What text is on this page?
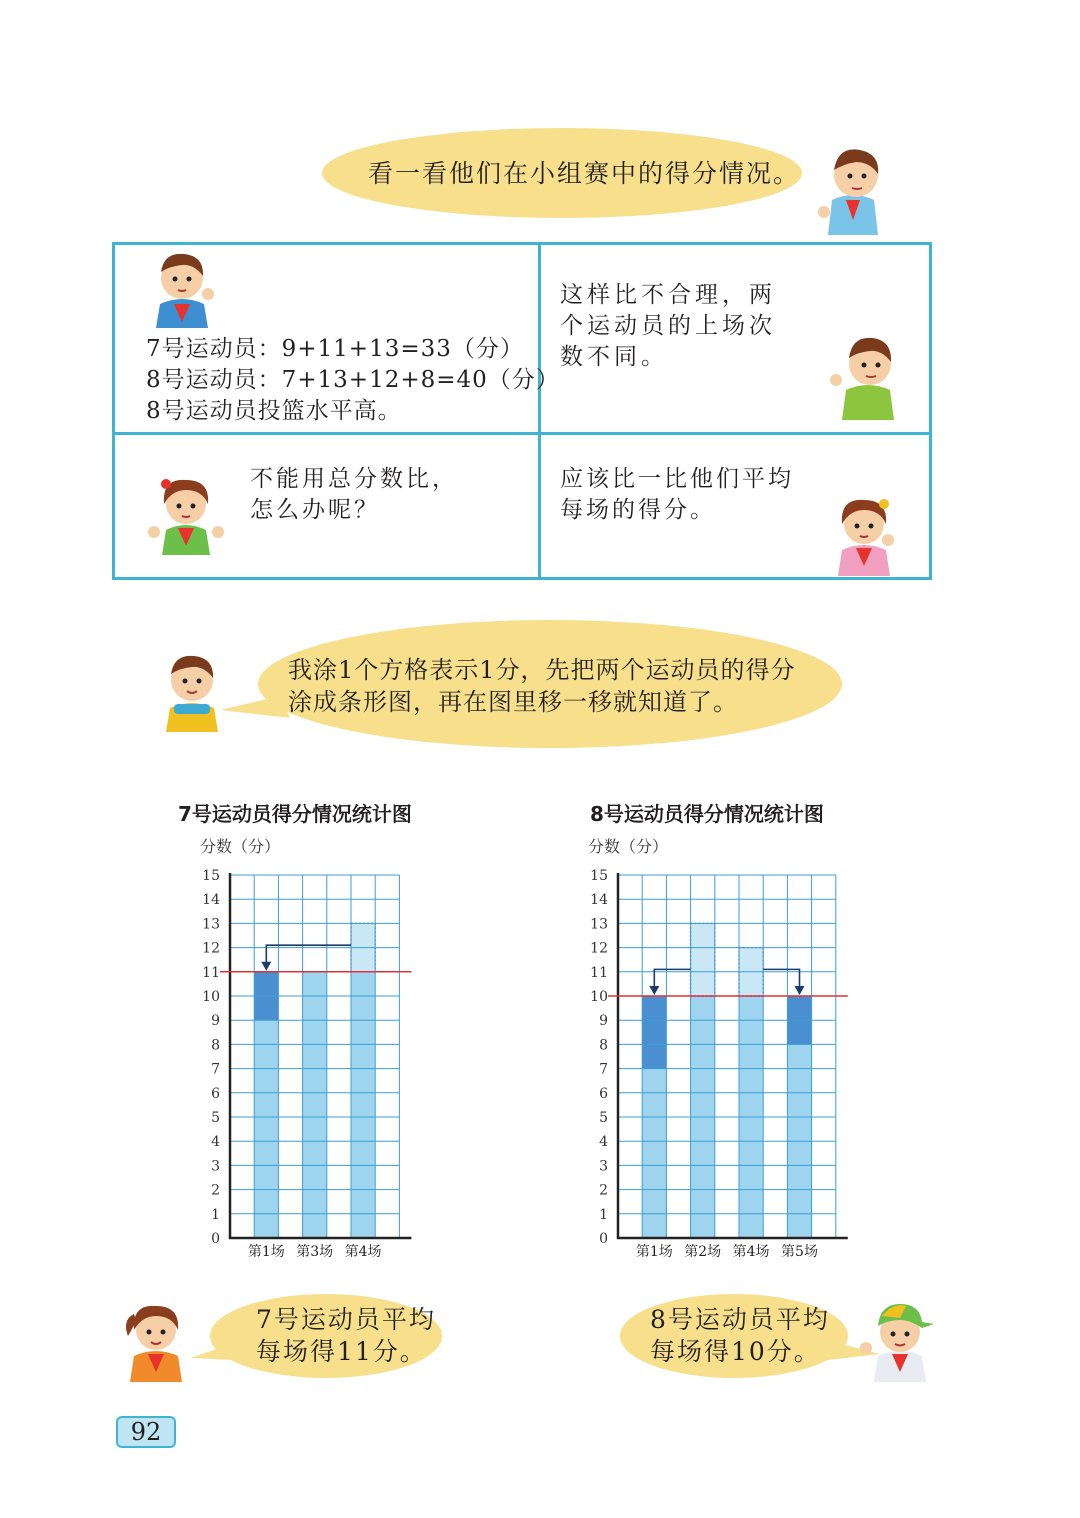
看一看他们在小组赛中的得分情况。
7号运动员：9+11+13=33（分）
8号运动员：7+13+12+8=40（分）
8号运动员投篮水平高。
这样比不合理，两
个运动员的上场次
数不同。
不能用总分数比，
怎么办呢？
应该比一比他们平均
每场的得分。
我涂1个方格表示1分，先把两个运动员的得分
涂成条形图，再在图里移一移就知道了。
7号运动员得分情况统计图	8号运动员得分情况统计图
分数（分）
0
1
2
3
4
5
6
7
8
9
10
11
12
13
14
15
第1场 第3场 第4场
分数（分）
0
1
2
3
4
5
6
7
8
9
10
11
12
13
14
15
第1场 第2场 第4场 第5场
7号运动员平均
每场得11分。
8号运动员平均
每场得10分。
92
